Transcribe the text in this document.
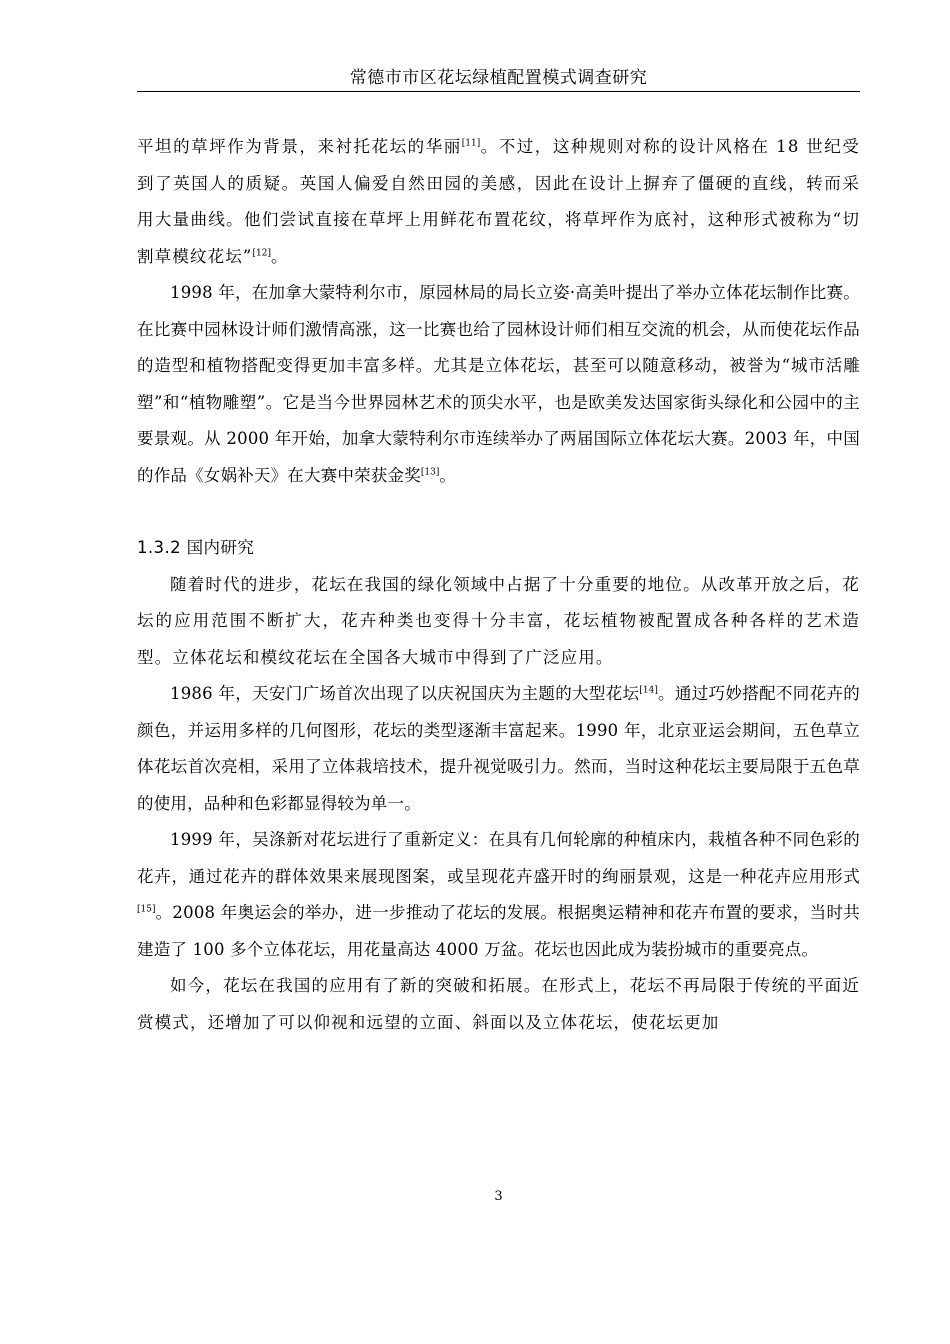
常德市市区花坛绿植配置模式调查研究

平坦的草坪作为背景，来衬托花坛的华丽[11]。不过，这种规则对称的设计风格在 18 世纪受到了英国人的质疑。英国人偏爱自然田园的美感，因此在设计上摒弃了僵硬的直线，转而采用大量曲线。他们尝试直接在草坪上用鲜花布置花纹，将草坪作为底衬，这种形式被称为“切割草模纹花坛”[12]。

1998 年，在加拿大蒙特利尔市，原园林局的局长立姿·高美叶提出了举办立体花坛制作比赛。在比赛中园林设计师们激情高涨，这一比赛也给了园林设计师们相互交流的机会，从而使花坛作品的造型和植物搭配变得更加丰富多样。尤其是立体花坛，甚至可以随意移动，被誉为“城市活雕塑”和“植物雕塑”。它是当今世界园林艺术的顶尖水平，也是欧美发达国家街头绿化和公园中的主要景观。从 2000 年开始，加拿大蒙特利尔市连续举办了两届国际立体花坛大赛。2003 年，中国的作品《女娲补天》在大赛中荣获金奖[13]。

1.3.2 国内研究

随着时代的进步，花坛在我国的绿化领域中占据了十分重要的地位。从改革开放之后，花坛的应用范围不断扩大，花卉种类也变得十分丰富，花坛植物被配置成各种各样的艺术造型。立体花坛和模纹花坛在全国各大城市中得到了广泛应用。

1986 年，天安门广场首次出现了以庆祝国庆为主题的大型花坛[14]。通过巧妙搭配不同花卉的颜色，并运用多样的几何图形，花坛的类型逐渐丰富起来。1990 年，北京亚运会期间，五色草立体花坛首次亮相，采用了立体栽培技术，提升视觉吸引力。然而，当时这种花坛主要局限于五色草的使用，品种和色彩都显得较为单一。

1999 年，吴涤新对花坛进行了重新定义：在具有几何轮廓的种植床内，栽植各种不同色彩的花卉，通过花卉的群体效果来展现图案，或呈现花卉盛开时的绚丽景观，这是一种花卉应用形式[15]。2008 年奥运会的举办，进一步推动了花坛的发展。根据奥运精神和花卉布置的要求，当时共建造了 100 多个立体花坛，用花量高达 4000 万盆。花坛也因此成为装扮城市的重要亮点。

如今，花坛在我国的应用有了新的突破和拓展。在形式上，花坛不再局限于传统的平面近赏模式，还增加了可以仰视和远望的立面、斜面以及立体花坛，使花坛更加

3
